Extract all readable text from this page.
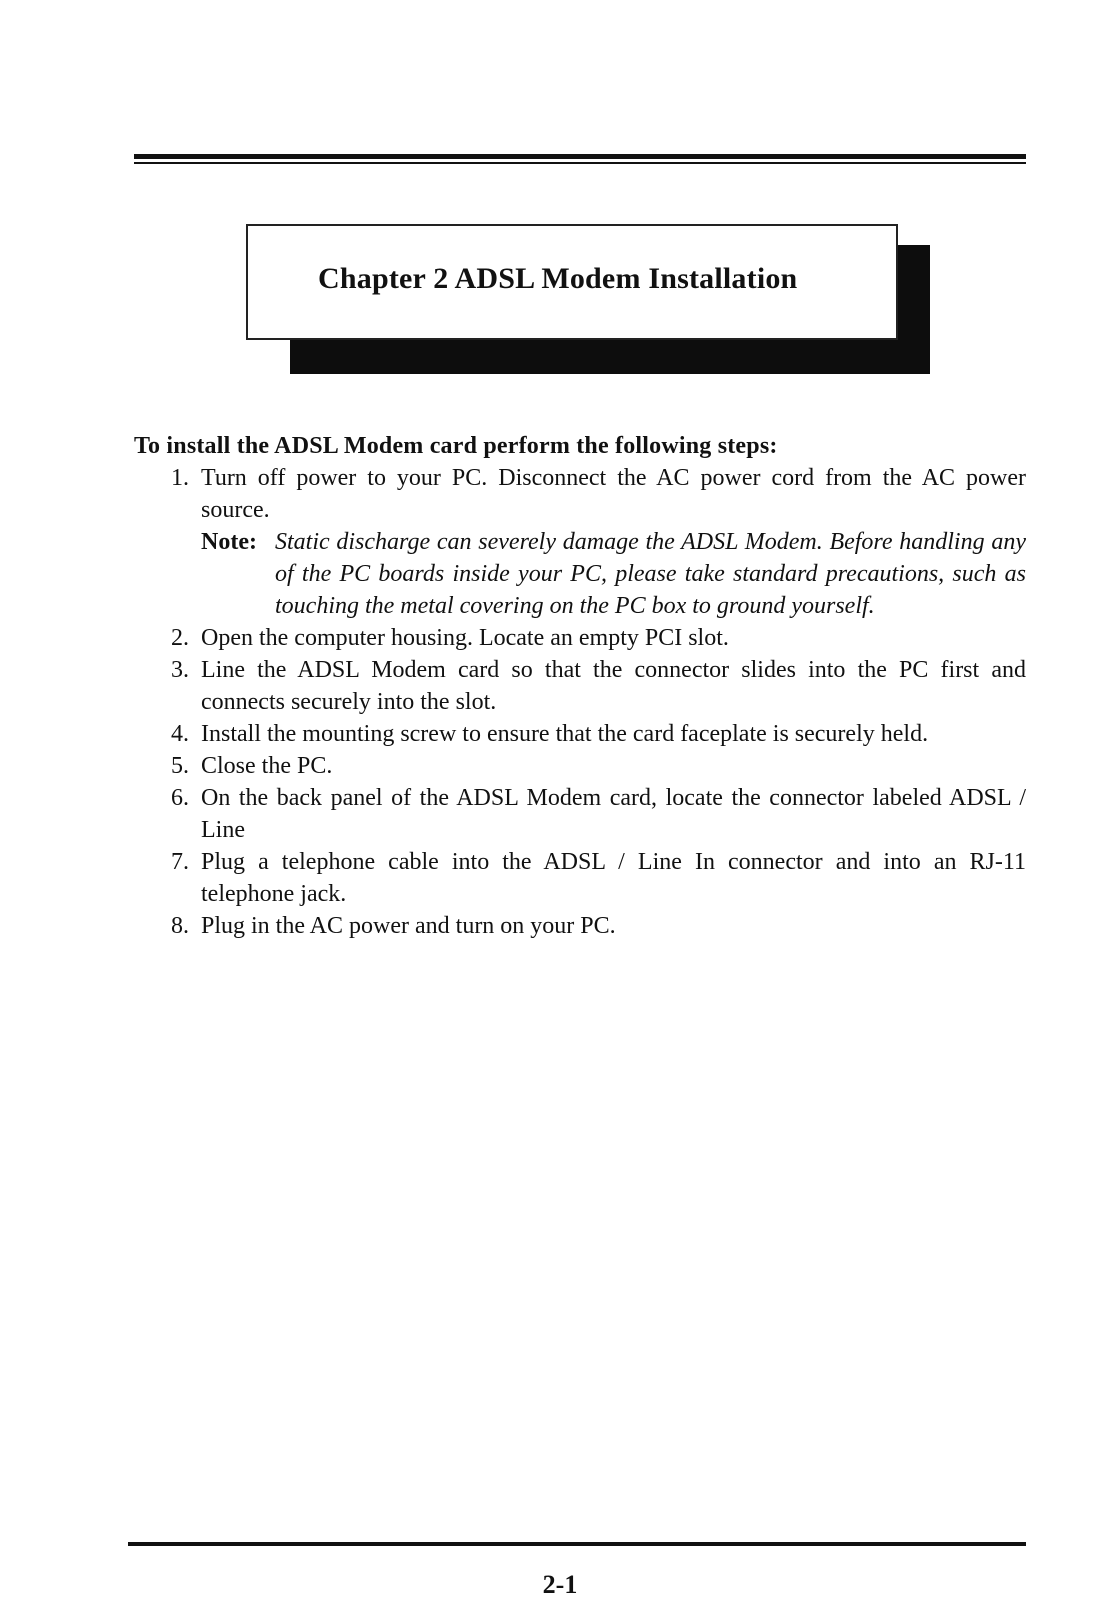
Chapter 2 ADSL Modem Installation
To install the ADSL Modem card perform the following steps:
1. Turn off power to your PC. Disconnect the AC power cord from the AC power source.
Note: Static discharge can severely damage the ADSL Modem. Before handling any of the PC boards inside your PC, please take standard precautions, such as touching the metal covering on the PC box to ground yourself.
2. Open the computer housing. Locate an empty PCI slot.
3. Line the ADSL Modem card so that the connector slides into the PC first and connects securely into the slot.
4. Install the mounting screw to ensure that the card faceplate is securely held.
5. Close the PC.
6. On the back panel of the ADSL Modem card, locate the connector labeled ADSL / Line
7. Plug a telephone cable into the ADSL / Line In connector and into an RJ-11 telephone jack.
8. Plug in the AC power and turn on your PC.
2-1
